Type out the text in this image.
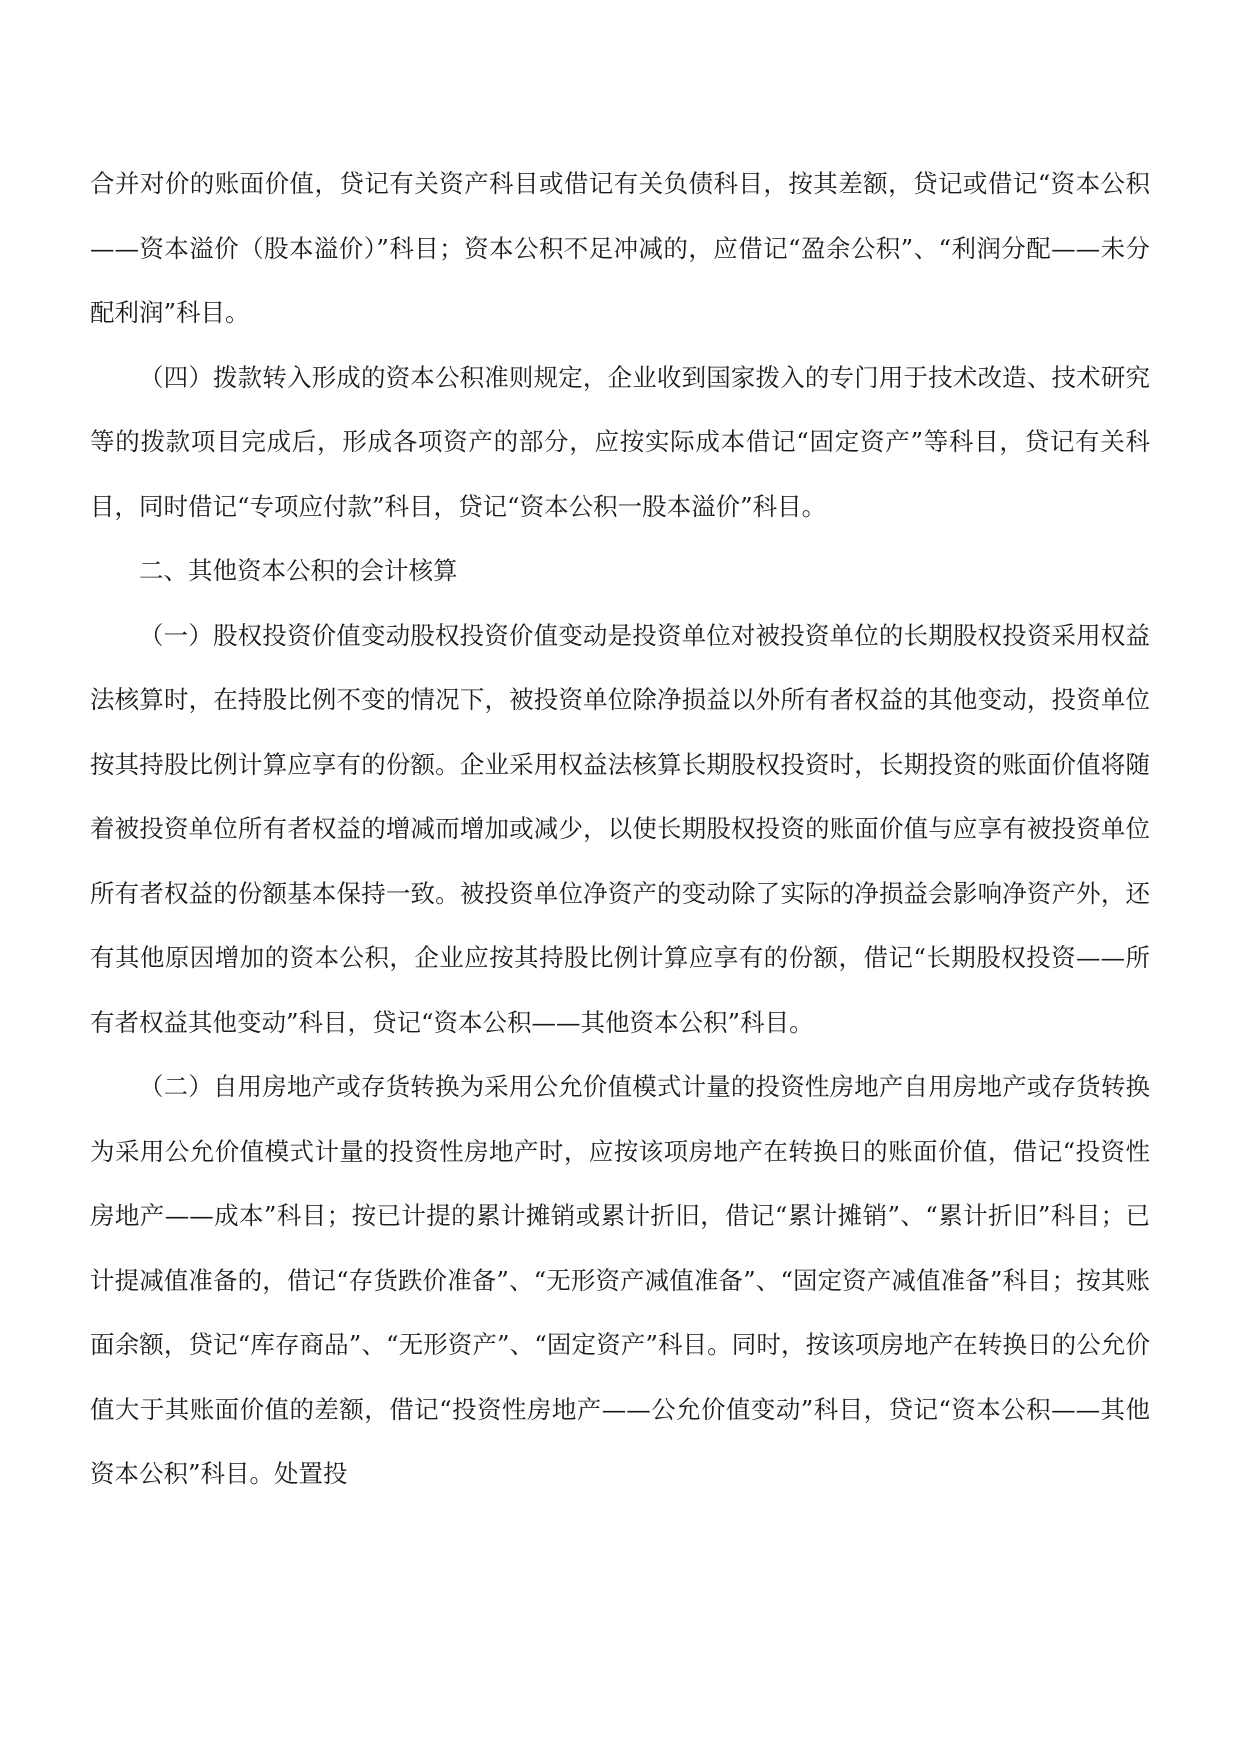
合并对价的账面价值，贷记有关资产科目或借记有关负债科目，按其差额，贷记或借记“资本公积——资本溢价（股本溢价）”科目；资本公积不足冲减的，应借记“盈余公积”、“利润分配——未分配利润”科目。

（四）拨款转入形成的资本公积准则规定，企业收到国家拨入的专门用于技术改造、技术研究等的拨款项目完成后，形成各项资产的部分，应按实际成本借记“固定资产”等科目，贷记有关科目，同时借记“专项应付款”科目，贷记“资本公积一股本溢价”科目。

二、其他资本公积的会计核算

（一）股权投资价值变动股权投资价值变动是投资单位对被投资单位的长期股权投资采用权益法核算时，在持股比例不变的情况下，被投资单位除净损益以外所有者权益的其他变动，投资单位按其持股比例计算应享有的份额。企业采用权益法核算长期股权投资时，长期投资的账面价值将随着被投资单位所有者权益的增减而增加或减少，以使长期股权投资的账面价值与应享有被投资单位所有者权益的份额基本保持一致。被投资单位净资产的变动除了实际的净损益会影响净资产外，还有其他原因增加的资本公积，企业应按其持股比例计算应享有的份额，借记“长期股权投资——所有者权益其他变动”科目，贷记“资本公积——其他资本公积”科目。

（二）自用房地产或存货转换为采用公允价值模式计量的投资性房地产自用房地产或存货转换为采用公允价值模式计量的投资性房地产时，应按该项房地产在转换日的账面价值，借记“投资性房地产——成本”科目；按已计提的累计摊销或累计折旧，借记“累计摊销”、“累计折旧”科目；已计提减值准备的，借记“存货跌价准备”、“无形资产减值准备”、“固定资产减值准备”科目；按其账面余额，贷记“库存商品”、“无形资产”、“固定资产”科目。同时，按该项房地产在转换日的公允价值大于其账面价值的差额，借记“投资性房地产——公允价值变动”科目，贷记“资本公积——其他资本公积”科目。处置投
